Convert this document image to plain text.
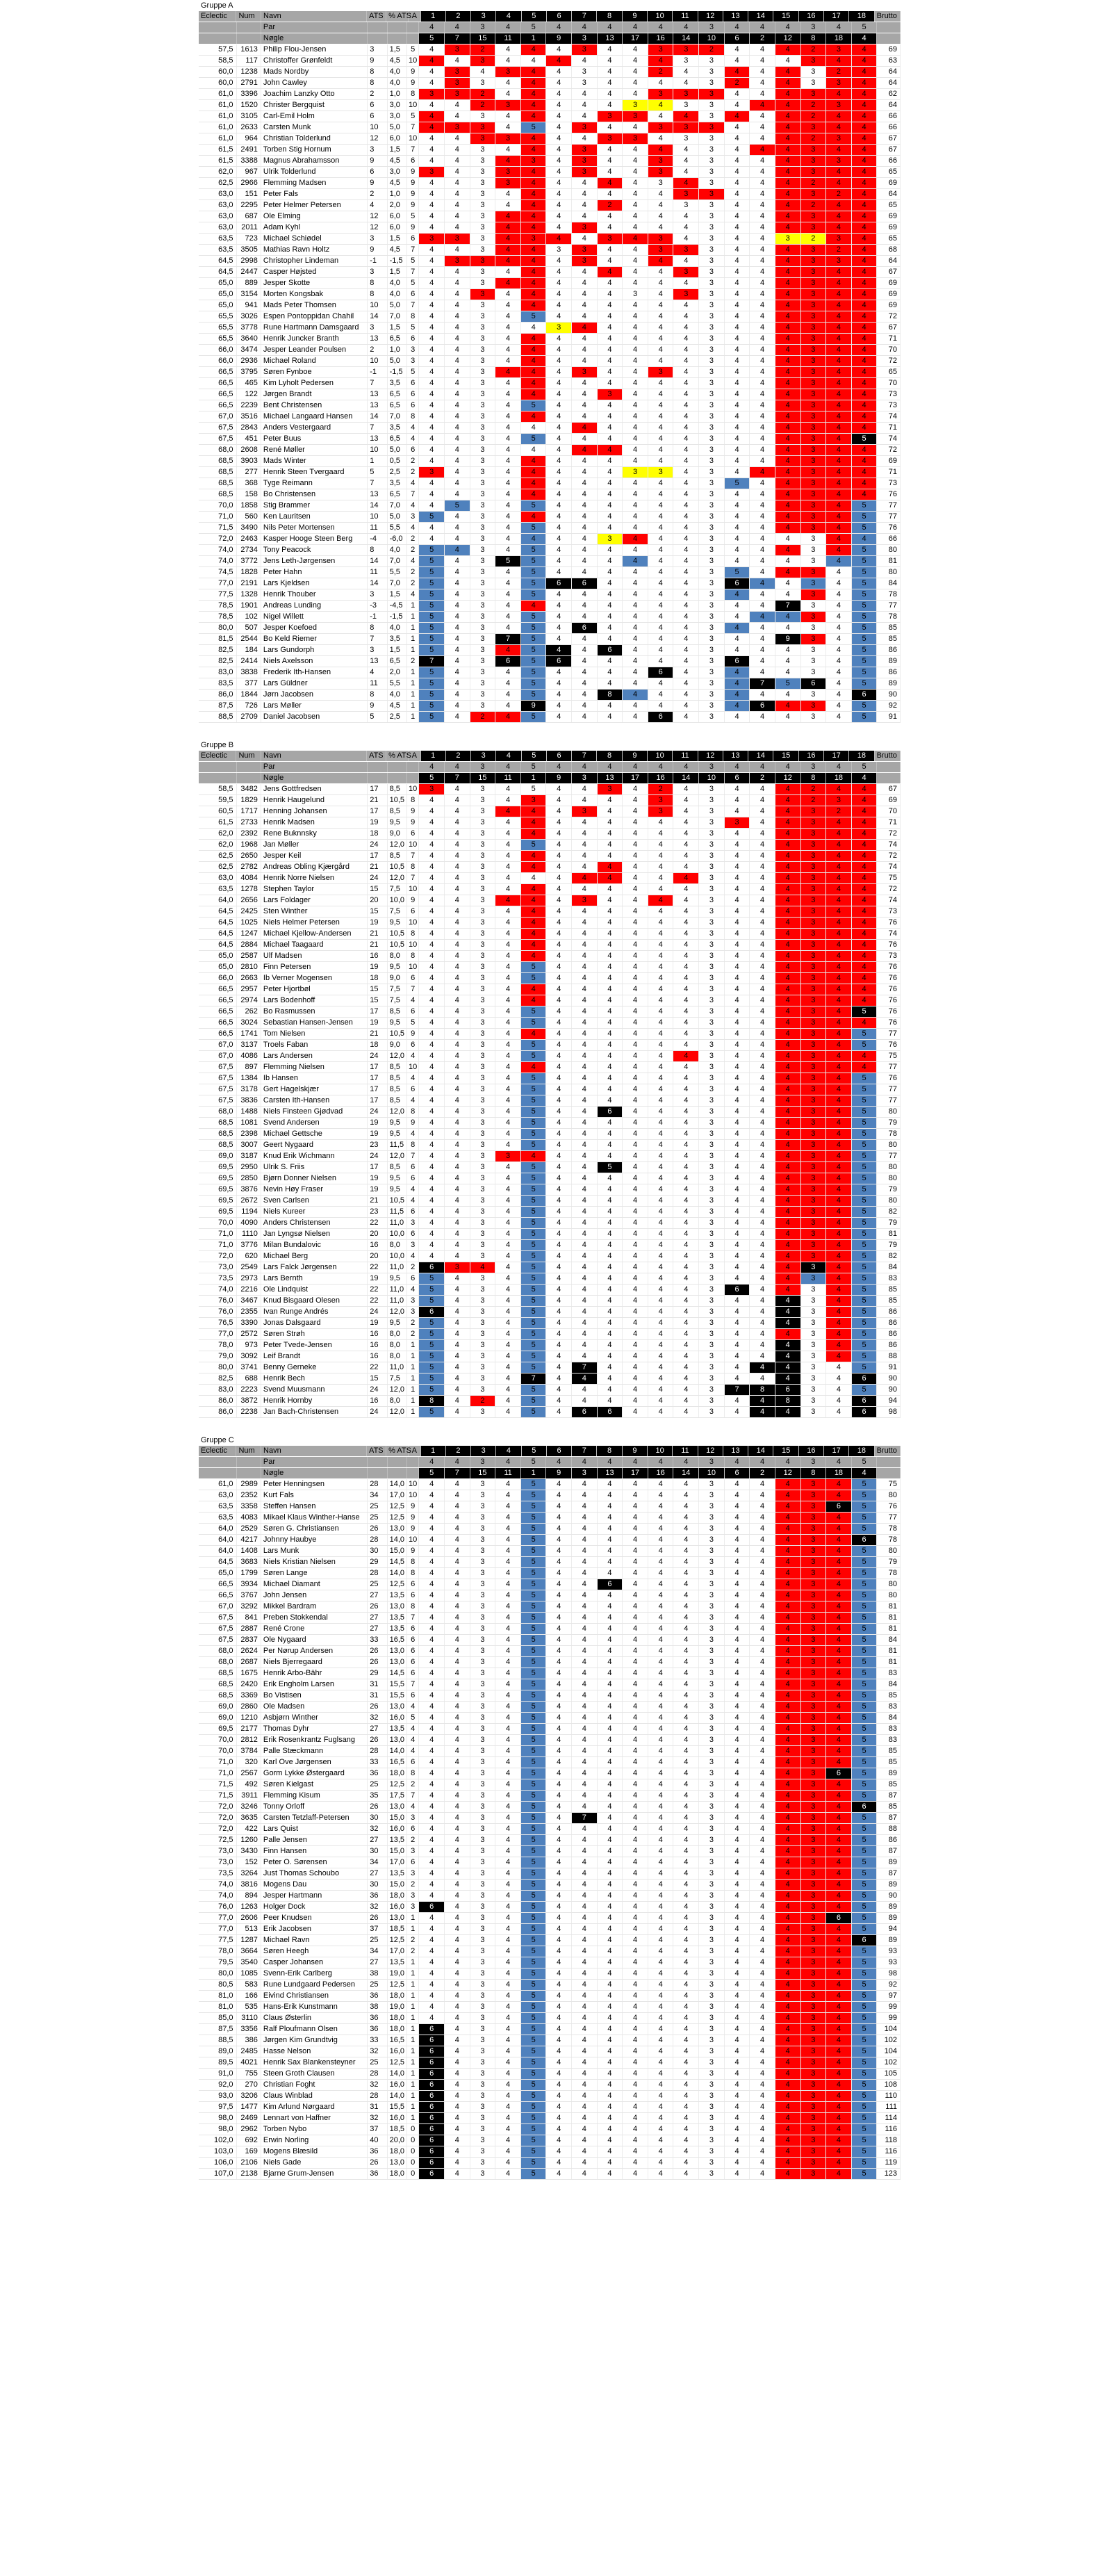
Gruppe A
Eclectic	Num	Navn	ATS % ATS A	1	2	3	4	5	6	7	8	9	10	11	12	13	14	15	16	17	18	Brutto
Par	4	4	3	4	5	4	4	4	4	4	4	3	4	4	4	3	4	5
Nøgle	5	7	15	11	1	9	3	13	17	16	14	10	6	2	12	8	18	4
57,5 1613 Philip Flou-Jensen	3	1,5	5	4	3	2	4	4	4	3	4	4	3	3	2	4	4	4	2	3	4	69
58,5	117 Christoffer Grønfeldt	9	4,5	10	4	4	3	4	4	4	4	4	4	4	3	3	4	4	4	3	4	4	63
60,0 1238 Mads Nordby	8	4,0	9	4	3	4	3	4	4	3	4	4	2	4	3	4	4	4	3	2	4	64
60,0 2791 John Cawley	8	4,0	9	4	3	3	4	4	4	3	4	4	4	4	3	2	4	4	3	3	4	64
61,0 3396 Joachim Lanzky Otto	2	1,0	8	3	3	2	4	4	4	4	4	4	3	3	3	4	4	4	3	4	4	62
61,0 1520 Christer Bergquist	6	3,0	10	4	4	2	3	4	4	4	4	3	4	3	3	4	4	4	2	3	4	64
61,0 3105 Carl-Emil Holm	6	3,0	5	4	4	3	4	4	4	4	3	3	4	4	3	4	4	4	2	4	4	66
61,0 2633 Carsten Munk	10	5,0	7	4	3	3	4	5	4	3	4	4	3	3	3	4	4	4	3	4	4	66
61,0	964 Christian Tolderlund	12	6,0	10	4	4	3	3	4	4	4	3	3	4	3	3	4	4	4	2	3	4	67
61,5 2491 Torben Stig Hornum	3	1,5	7	4	4	3	4	4	4	3	4	4	4	4	3	4	4	4	3	4	4	67
61,5 3388 Magnus Abrahamsson	9	4,5	6	4	4	3	4	3	4	3	4	4	3	4	3	4	4	4	3	3	4	66
62,0	967 Ulrik Tolderlund	6	3,0	9	3	4	3	3	4	4	3	4	4	3	4	3	4	4	4	3	4	4	65
62,5 2966 Flemming Madsen	9	4,5	9	4	4	3	3	4	4	4	4	4	3	4	3	4	4	4	2	4	4	69
63,0	151 Peter Fals	2	1,0	9	4	4	3	4	4	4	4	4	4	4	3	3	4	4	4	3	2	4	64
63,0 2295 Peter Helmer Petersen	4	2,0	9	4	4	3	4	4	4	4	2	4	4	3	3	4	4	4	2	4	4	65
63,0	687 Ole Elming	12	6,0	5	4	4	3	4	4	4	4	4	4	4	4	3	4	4	4	3	4	4	69
63,0	2011 Adam Kyhl	12	6,0	9	4	4	3	4	4	4	3	4	4	4	4	3	4	4	4	3	4	4	69
63,5	723 Michael Schiødel	3	1,5	6	3	3	3	4	3	4	4	3	4	3	4	3	4	4	3	2	3	4	65
63,5 3505 Mathias Ravn Holtz	9	4,5	7	4	4	3	4	4	3	3	4	4	3	3	3	4	4	4	3	2	4	68
64,5 2998 Christopher Lindeman	-1	-1,5	5	4	3	3	4	4	4	3	4	4	4	4	3	4	4	4	3	3	4	64
64,5 2447 Casper Højsted	3	1,5	7	4	4	3	4	4	4	4	4	4	4	3	3	4	4	4	3	4	4	67
65,0	889 Jesper Skotte	8	4,0	5	4	4	3	4	4	4	4	4	4	4	4	3	4	4	4	3	4	4	69
65,0 3154 Morten Kongsbak	8	4,0	6	4	4	3	4	4	4	4	4	3	4	3	3	4	4	4	3	4	4	69
65,0	941 Mads Peter Thomsen	10	5,0	7	4	4	3	4	4	4	4	4	4	4	4	3	4	4	4	3	4	4	69
65,5 3026 Espen Pontoppidan Chahil	14	7,0	8	4	4	3	4	5	4	4	4	4	4	4	3	4	4	4	3	4	4	72
65,5 3778 Rune Hartmann Damsgaard	3	1,5	5	4	4	3	4	4	3	4	4	4	4	4	3	4	4	4	3	4	4	67
65,5 3640 Henrik Juncker Branth	13	6,5	6	4	4	3	4	4	4	4	4	4	4	4	3	4	4	4	3	4	4	71
66,0 3474 Jesper Leander Poulsen	2	1,0	3	4	4	3	4	4	4	4	4	4	4	4	3	4	4	4	3	4	4	70
66,0 2936 Michael Roland	10	5,0	3	4	4	3	4	4	4	4	4	4	4	4	3	4	4	4	3	4	4	72
66,5 3795 Søren Fynboe	-1	-1,5	5	4	4	3	4	4	4	3	4	4	3	4	3	4	4	4	3	4	4	65
66,5	465 Kim Lyholt Pedersen	7	3,5	6	4	4	3	4	4	4	4	4	4	4	4	3	4	4	4	3	4	4	70
66,5	122 Jørgen Brandt	13	6,5	6	4	4	3	4	4	4	4	3	4	4	4	3	4	4	4	3	4	4	73
66,5 2239 Bent Christensen	13	6,5	6	4	4	3	4	5	4	4	4	4	4	4	3	4	4	4	3	4	4	73
67,0 3516 Michael Langaard Hansen	14	7,0	8	4	4	3	4	4	4	4	4	4	4	4	3	4	4	4	3	4	4	74
67,5 2843 Anders Vestergaard	7	3,5	4	4	4	3	4	4	4	4	4	4	4	4	3	4	4	4	3	4	4	71
67,5	451 Peter Buus	13	6,5	4	4	4	3	4	5	4	4	4	4	4	4	3	4	4	4	3	4	5	74
68,0 2608 René Møller	10	5,0	6	4	4	3	4	4	4	4	4	4	4	4	3	4	4	4	3	4	4	72
68,5 3903 Mads Winter	1	0,5	2	4	4	3	4	4	4	4	4	4	4	4	3	4	4	4	3	4	4	69
68,5	277 Henrik Steen Tvergaard	5	2,5	2	3	4	3	4	4	4	4	4	3	3	4	3	4	4	4	3	4	4	71
68,5	368 Tyge Reimann	7	3,5	4	4	4	3	4	4	4	4	4	4	4	4	3	5	4	4	3	4	4	73
68,5	158 Bo Christensen	13	6,5	7	4	4	3	4	4	4	4	4	4	4	4	3	4	4	4	3	4	4	76
70,0 1858 Stig Brammer	14	7,0	4	4	5	3	4	5	4	4	4	4	4	4	3	4	4	4	3	4	5	77
71,0	560 Ken Lauritsen	10	5,0	3	5	4	3	4	4	4	4	4	4	4	4	3	4	4	4	3	4	5	77
71,5 3490 Nils Peter Mortensen	11	5,5	4	4	4	3	4	5	4	4	4	4	4	4	3	4	4	4	3	4	5	76
72,0 2463 Kasper Hooge Steen Berg	-4	-6,0	2	4	4	3	4	4	4	4	3	4	4	4	3	4	4	4	3	4	4	66
74,0 2734 Tony Peacock	8	4,0	2	5	4	3	4	5	4	4	4	4	4	4	3	4	4	4	3	4	5	80
74,0 3772 Jens Leth-Jørgensen	14	7,0	4	5	4	3	5	5	4	4	4	4	4	4	3	4	4	4	3	4	5	81
74,5 1828 Peter Hahn	11	5,5	2	5	4	3	4	5	4	4	4	4	4	4	3	5	4	4	3	4	5	80
77,0 2191 Lars Kjeldsen	14	7,0	2	5	4	3	4	5	6	6	4	4	4	4	3	6	4	4	3	4	5	84
77,5 1328 Henrik Thouber	3	1,5	4	5	4	3	4	5	4	4	4	4	4	4	3	4	4	4	3	4	5	78
78,5 1901 Andreas Lunding	-3	-4,5	1	5	4	3	4	4	4	4	4	4	4	4	3	4	4	7	3	4	5	77
78,5	102 Nigel Willett	-1	-1,5	1	5	4	3	4	5	4	4	4	4	4	4	3	4	4	4	3	4	5	78
80,0	507 Jesper Koefoed	8	4,0	1	5	4	3	4	5	4	6	4	4	4	4	3	4	4	4	3	4	5	85
81,5 2544 Bo Keld Riemer	7	3,5	1	5	4	3	7	5	4	4	4	4	4	4	3	4	4	9	3	4	5	85
82,5	184 Lars Gundorph	3	1,5	1	5	4	3	4	5	4	4	6	4	4	4	3	4	4	4	3	4	5	86
82,5 2414 Niels Axelsson	13	6,5	2	7	4	3	6	5	6	4	4	4	4	4	3	6	4	4	3	4	5	89
83,0 3838 Frederik Ith-Hansen	4	2,0	1	5	4	3	4	5	4	4	4	4	6	4	3	4	4	4	3	4	5	86
83,5	377 Lars Güldner	11	5,5	1	5	4	3	4	5	4	4	4	4	4	4	3	4	7	5	6	4	5	89
86,0 1844 Jørn Jacobsen	8	4,0	1	5	4	3	4	5	4	4	8	4	4	4	3	4	4	4	3	4	6	90
87,5	726 Lars Møller	9	4,5	1	5	4	3	4	9	4	4	4	4	4	4	3	4	6	4	3	4	5	92
88,5 2709 Daniel Jacobsen	5	2,5	1	5	4	2	4	5	4	4	4	4	6	4	3	4	4	4	3	4	5	91
Gruppe B
Eclectic	Num	Navn	ATS % ATS A	1	2	3	4	5	6	7	8	9	10	11	12	13	14	15	16	17	18	Brutto
Par	4	4	3	4	5	4	4	4	4	4	4	3	4	4	4	3	4	5
Nøgle	5	7	15	11	1	9	3	13	17	16	14	10	6	2	12	8	18	4
58,5 3482 Jens Gottfredsen	17	8,5	10	3	4	3	4	5	4	4	3	4	2	4	3	4	4	4	2	4	4	67
59,5 1829 Henrik Haugelund	21	10,5 8	4	4	3	4	3	4	4	4	4	3	4	3	4	4	4	2	3	4	69
60,5 1717 Henning Johansen	17	8,5	9	4	4	3	4	4	4	3	4	4	3	4	3	4	4	4	3	2	4	70
61,5 2733 Henrik Madsen	19	9,5	9	4	4	3	4	4	4	4	4	4	4	4	3	3	4	4	3	4	4	71
62,0 2392 Rene Buknnsky	18	9,0	6	4	4	3	4	4	4	4	4	4	4	4	3	4	4	4	3	4	4	72
62,0 1968 Jan Møller	24	12,0 10	4	4	3	4	5	4	4	4	4	4	4	3	4	4	4	3	4	4	74
62,5 2650 Jesper Keil	17	8,5	7	4	4	3	4	4	4	4	4	4	4	4	3	4	4	4	3	4	4	72
62,5 2782 Andreas Obling Kjærgård	21	10,5 8	4	4	3	4	4	4	4	4	4	4	4	3	4	4	4	3	4	4	74
63,0 4084 Henrik Norre Nielsen	24	12,0 7	4	4	3	4	4	4	4	4	4	4	4	3	4	4	4	3	4	4	75
63,5 1278 Stephen Taylor	15	7,5	10	4	4	3	4	4	4	4	4	4	4	4	3	4	4	4	3	4	4	72
64,0 2656 Lars Foldager	20	10,0 9	4	4	3	4	4	4	3	4	4	4	4	3	4	4	4	3	4	4	74
64,5 2425 Sten Winther	15	7,5	6	4	4	3	4	4	4	4	4	4	4	4	3	4	4	4	3	4	4	73
64,5 1025 Niels Helmer Petersen	19	9,5	10	4	4	3	4	4	4	4	4	4	4	4	3	4	4	4	3	4	4	76
64,5 1247 Michael Kjellow-Andersen	21	10,5 8	4	4	3	4	4	4	4	4	4	4	4	3	4	4	4	3	4	4	74
64,5 2884 Michael Taagaard	21	10,5 10	4	4	3	4	4	4	4	4	4	4	4	3	4	4	4	3	4	4	76
65,0 2587 Ulf Madsen	16	8,0	8	4	4	3	4	4	4	4	4	4	4	4	3	4	4	4	3	4	4	73
65,0 2810 Finn Petersen	19	9,5	10	4	4	3	4	5	4	4	4	4	4	4	3	4	4	4	3	4	4	76
66,0 2663 Ib Verner Mogensen	18	9,0	6	4	4	3	4	5	4	4	4	4	4	4	3	4	4	4	3	4	4	76
66,5 2957 Peter Hjortbøl	15	7,5	7	4	4	3	4	4	4	4	4	4	4	4	3	4	4	4	3	4	4	76
66,5 2974 Lars Bodenhoff	15	7,5	4	4	4	3	4	4	4	4	4	4	4	4	3	4	4	4	3	4	4	76
66,5	262 Bo Rasmussen	17	8,5	6	4	4	3	4	5	4	4	4	4	4	4	3	4	4	4	3	4	5	76
66,5 3024 Sebastian Hansen-Jensen	19	9,5	5	4	4	3	4	5	4	4	4	4	4	4	3	4	4	4	3	4	4	76
66,5 1741 Tom Nielsen	21	10,5 9	4	4	3	4	4	4	4	4	4	4	4	3	4	4	4	3	4	5	77
67,0 3137 Troels Faban	18	9,0	6	4	4	3	4	5	4	4	4	4	4	4	3	4	4	4	3	4	5	76
67,0 4086 Lars Andersen	24	12,0 4	4	4	3	4	5	4	4	4	4	4	4	3	4	4	4	3	4	4	75
67,5	897 Flemming Nielsen	17	8,5	10	4	4	3	4	4	4	4	4	4	4	4	3	4	4	4	3	4	4	77
67,5 1384 Ib Hansen	17	8,5	4	4	4	3	4	5	4	4	4	4	4	4	3	4	4	4	3	4	5	76
67,5 3178 Gert Hagelskjær	17	8,5	6	4	4	3	4	5	4	4	4	4	4	4	3	4	4	4	3	4	5	77
67,5 3836 Carsten Ith-Hansen	17	8,5	4	4	4	3	4	5	4	4	4	4	4	4	3	4	4	4	3	4	5	77
68,0 1488 Niels Finsteen Gjødvad	24	12,0 8	4	4	3	4	5	4	4	6	4	4	4	3	4	4	4	3	4	5	80
68,5 1081 Svend Andersen	19	9,5	9	4	4	3	4	5	4	4	4	4	4	4	3	4	4	4	3	4	5	79
68,5 2398 Michael Gettsche	19	9,5	4	4	4	3	4	5	4	4	4	4	4	4	3	4	4	4	3	4	5	78
68,5 3007 Geert Nygaard	23	11,5 8	4	4	3	4	5	4	4	4	4	4	4	3	4	4	4	3	4	5	80
69,0 3187 Knud Erik Wichmann	24	12,0 7	4	4	3	3	4	4	4	4	4	4	4	3	4	4	4	3	4	5	77
69,5 2950 Ulrik S. Friis	17	8,5	6	4	4	3	4	5	4	4	5	4	4	4	3	4	4	4	3	4	5	80
69,5 2850 Bjørn Donner Nielsen	19	9,5	6	4	4	3	4	5	4	4	4	4	4	4	3	4	4	4	3	4	5	80
69,5 3876 Nevin Høy Fraser	19	9,5	4	4	4	3	4	5	4	4	4	4	4	4	3	4	4	4	3	4	5	79
69,5 2672 Sven Carlsen	21	10,5 4	4	4	3	4	5	4	4	4	4	4	4	3	4	4	4	3	4	5	80
69,5	1194 Niels Kureer	23	11,5 6	4	4	3	4	5	4	4	4	4	4	4	3	4	4	4	3	4	5	82
70,0 4090 Anders Christensen	22	11,0 3	4	4	3	4	5	4	4	4	4	4	4	3	4	4	4	3	4	5	79
71,0	1110 Jan Lyngsø Nielsen	20	10,0 6	4	4	3	4	5	4	4	4	4	4	4	3	4	4	4	3	4	5	81
71,0 3776 Milan Bundalovic	16	8,0	3	4	4	3	4	5	4	4	4	4	4	4	3	4	4	4	3	4	5	79
72,0	620 Michael Berg	20	10,0 4	4	4	3	4	5	4	4	4	4	4	4	3	4	4	4	3	4	5	82
73,0 2549 Lars Falck Jørgensen	22	11,0 2	6	3	4	4	5	4	4	4	4	4	4	3	4	4	4	3	4	5	84
73,5 2973 Lars Bernth	19	9,5	6	5	4	3	4	5	4	4	4	4	4	4	3	4	4	4	3	4	5	83
74,0 2216 Ole Lindquist	22	11,0 4	5	4	3	4	5	4	4	4	4	4	4	3	6	4	4	3	4	5	85
76,0 3467 Knud Bisgaard Olesen	22	11,0 3	5	4	3	4	5	4	4	4	4	4	4	3	4	4	4	3	4	5	85
76,0 2355 Ivan Runge Andrés	24	12,0 3	6	4	3	4	5	4	4	4	4	4	4	3	4	4	4	3	4	5	86
76,5 3390 Jonas Dalsgaard	19	9,5	2	5	4	3	4	5	4	4	4	4	4	4	3	4	4	4	3	4	5	86
77,0 2572 Søren Strøh	16	8,0	2	5	4	3	4	5	4	4	4	4	4	4	3	4	4	4	3	4	5	86
78,0	973 Peter Tvede-Jensen	16	8,0	1	5	4	3	4	5	4	4	4	4	4	4	3	4	4	4	3	4	5	86
79,0 3092 Leif Brandt	16	8,0	1	5	4	3	4	5	4	4	4	4	4	4	3	4	4	4	3	4	5	88
80,0 3741 Benny Gerneke	22	11,0 1	5	4	3	4	5	4	7	4	4	4	4	3	4	4	4	3	4	5	91
82,5	688 Henrik Bech	15	7,5	1	5	4	3	4	7	4	4	4	4	4	4	3	4	4	4	3	4	6	90
83,0 2223 Svend Muusmann	24	12,0 1	5	4	3	4	5	4	4	4	4	4	4	3	7	8	6	3	4	5	90
86,0 3872 Henrik Hornby	16	8,0	1	8	4	2	4	5	4	4	4	4	4	4	3	4	4	8	3	4	6	94
86,0 2238 Jan Bach-Christensen	24	12,0 1	5	4	3	4	5	4	6	6	4	4	4	3	4	4	4	3	4	6	98
Gruppe C
Eclectic	Num	Navn	ATS % ATS A	1	2	3	4	5	6	7	8	9	10	11	12	13	14	15	16	17	18	Brutto
Par	4	4	3	4	5	4	4	4	4	4	4	3	4	4	4	3	4	5
Nøgle	5	7	15	11	1	9	3	13	17	16	14	10	6	2	12	8	18	4
61,0 2989 Peter Henningsen	28	14,0 10	4	4	3	4	5	4	4	4	4	4	4	3	4	4	4	3	4	5	75
63,0 2352 Kurt Fals	34	17,0 10	4	4	3	4	5	4	4	4	4	4	4	3	4	4	4	3	4	5	80
63,5 3358 Steffen Hansen	25	12,5 9	4	4	3	4	5	4	4	4	4	4	4	3	4	4	4	3	6	5	76
63,5 4083 Mikael Klaus Winther-Hanse	25	12,5 9	4	4	3	4	5	4	4	4	4	4	4	3	4	4	4	3	4	5	77
64,0 2529 Søren G. Christiansen	26	13,0 9	4	4	3	4	5	4	4	4	4	4	4	3	4	4	4	3	4	5	78
64,0 4217 Johnny Haubye	28	14,0 10	4	4	3	4	5	4	4	4	4	4	4	3	4	4	4	3	4	6	78
64,0 1408 Lars Munk	30	15,0 9	4	4	3	4	5	4	4	4	4	4	4	3	4	4	4	3	4	5	80
64,5 3683 Niels Kristian Nielsen	29	14,5 8	4	4	3	4	5	4	4	4	4	4	4	3	4	4	4	3	4	5	79
65,0 1799 Søren Lange	28	14,0 8	4	4	3	4	5	4	4	4	4	4	4	3	4	4	4	3	4	5	78
66,5 3934 Michael Diamant	25	12,5 6	4	4	3	4	5	4	4	6	4	4	4	3	4	4	4	3	4	5	80
66,5 3767 John Jensen	27	13,5 6	4	4	3	4	5	4	4	4	4	4	4	3	4	4	4	3	4	5	80
67,0 3292 Mikkel Bardram	26	13,0 8	4	4	3	4	5	4	4	4	4	4	4	3	4	4	4	3	4	5	81
67,5	841 Preben Stokkendal	27	13,5 7	4	4	3	4	5	4	4	4	4	4	4	3	4	4	4	3	4	5	81
67,5 2887 René Crone	27	13,5 6	4	4	3	4	5	4	4	4	4	4	4	3	4	4	4	3	4	5	81
67,5 2837 Ole Nygaard	33	16,5 6	4	4	3	4	5	4	4	4	4	4	4	3	4	4	4	3	4	5	84
68,0 2624 Per Nørup Andersen	26	13,0 6	4	4	3	4	5	4	4	4	4	4	4	3	4	4	4	3	4	5	81
68,0 2687 Niels Bjerregaard	26	13,0 6	4	4	3	4	5	4	4	4	4	4	4	3	4	4	4	3	4	5	81
68,5 1675 Henrik Arbo-Bähr	29	14,5 6	4	4	3	4	5	4	4	4	4	4	4	3	4	4	4	3	4	5	83
68,5 2420 Erik Engholm Larsen	31	15,5 7	4	4	3	4	5	4	4	4	4	4	4	3	4	4	4	3	4	5	84
68,5 3369 Bo Vistisen	31	15,5 6	4	4	3	4	5	4	4	4	4	4	4	3	4	4	4	3	4	5	85
69,0 2860 Ole Madsen	26	13,0 4	4	4	3	4	5	4	4	4	4	4	4	3	4	4	4	3	4	5	83
69,0 1210 Asbjørn Winther	32	16,0 5	4	4	3	4	5	4	4	4	4	4	4	3	4	4	4	3	4	5	84
69,5 2177 Thomas Dyhr	27	13,5 4	4	4	3	4	5	4	4	4	4	4	4	3	4	4	4	3	4	5	83
70,0 2812 Erik Rosenkrantz Fuglsang	26	13,0 4	4	4	3	4	5	4	4	4	4	4	4	3	4	4	4	3	4	5	83
70,0 3784 Palle Stæckmann	28	14,0 4	4	4	3	4	5	4	4	4	4	4	4	3	4	4	4	3	4	5	85
71,0	320 Karl Ove Jørgensen	33	16,5 6	4	4	3	4	5	4	4	4	4	4	4	3	4	4	4	3	4	5	85
71,0 2567 Gorm Lykke Østergaard	36	18,0 8	4	4	3	4	5	4	4	4	4	4	4	3	4	4	4	3	6	5	89
71,5	492 Søren Kielgast	25	12,5 2	4	4	3	4	5	4	4	4	4	4	4	3	4	4	4	3	4	5	85
71,5	3911 Flemming Kisum	35	17,5 7	4	4	3	4	5	4	4	4	4	4	4	3	4	4	4	3	4	5	87
72,0 3246 Tonny Orloff	26	13,0 4	4	4	3	4	5	4	4	4	4	4	4	3	4	4	4	3	4	6	85
72,0 3635 Carsten Tetzlaff-Petersen	30	15,0 3	4	4	3	4	5	4	7	4	4	4	4	3	4	4	4	3	4	5	87
72,0	422 Lars Quist	32	16,0 6	4	4	3	4	5	4	4	4	4	4	4	3	4	4	4	3	4	5	88
72,5 1260 Palle Jensen	27	13,5 2	4	4	3	4	5	4	4	4	4	4	4	3	4	4	4	3	4	5	86
73,0 3430 Finn Hansen	30	15,0 3	4	4	3	4	5	4	4	4	4	4	4	3	4	4	4	3	4	5	87
73,0	152 Peter O. Sørensen	34	17,0 6	4	4	3	4	5	4	4	4	4	4	4	3	4	4	4	3	4	5	89
73,5 3264 Just Thomas Schoubo	27	13,5 3	4	4	3	4	5	4	4	4	4	4	4	3	4	4	4	3	4	5	87
74,0 3816 Mogens Dau	30	15,0 2	4	4	3	4	5	4	4	4	4	4	4	3	4	4	4	3	4	5	89
74,0	894 Jesper Hartmann	36	18,0 3	4	4	3	4	5	4	4	4	4	4	4	3	4	4	4	3	4	5	90
76,0 1263 Holger Dock	32	16,0 3	6	4	3	4	5	4	4	4	4	4	4	3	4	4	4	3	4	5	89
77,0 2606 Peer Knudsen	26	13,0 1	4	4	3	4	5	4	4	4	4	4	4	3	4	4	4	3	6	5	89
77,0	513 Erik Jacobsen	37	18,5 1	4	4	3	4	5	4	4	4	4	4	4	3	4	4	4	3	4	5	94
77,5 1287 Michael Ravn	25	12,5 2	4	4	3	4	5	4	4	4	4	4	4	3	4	4	4	3	4	6	89
78,0 3664 Søren Heegh	34	17,0 2	4	4	3	4	5	4	4	4	4	4	4	3	4	4	4	3	4	5	93
79,5 3540 Casper Johansen	27	13,5 1	4	4	3	4	5	4	4	4	4	4	4	3	4	4	4	3	4	5	93
80,0 1085 Svenn-Erik Carlberg	38	19,0 1	4	4	3	4	5	4	4	4	4	4	4	3	4	4	4	3	4	5	98
80,5	583 Rune Lundgaard Pedersen	25	12,5 1	4	4	3	4	5	4	4	4	4	4	4	3	4	4	4	3	4	5	92
81,0	166 Eivind Christiansen	36	18,0 1	4	4	3	4	5	4	4	4	4	4	4	3	4	4	4	3	4	5	97
81,0	535 Hans-Erik Kunstmann	38	19,0 1	4	4	3	4	5	4	4	4	4	4	4	3	4	4	4	3	4	5	99
85,0	3110 Claus Østerlin	36	18,0 1	4	4	3	4	5	4	4	4	4	4	4	3	4	4	4	3	4	5	99
87,5 3356 Ralf Ploufmann Olsen	36	18,0 1	6	4	3	4	5	4	4	4	4	4	4	3	4	4	4	3	4	5	104
88,5	386 Jørgen Kim Grundtvig	33	16,5 1	6	4	3	4	5	4	4	4	4	4	4	3	4	4	4	3	4	5	102
89,0 2485 Hasse Nelson	32	16,0 1	6	4	3	4	5	4	4	4	4	4	4	3	4	4	4	3	4	5	104
89,5 4021 Henrik Sax Blankensteyner	25	12,5 1	6	4	3	4	5	4	4	4	4	4	4	3	4	4	4	3	4	5	102
91,0	755 Steen Groth Clausen	28	14,0 1	6	4	3	4	5	4	4	4	4	4	4	3	4	4	4	3	4	5	105
92,0	270 Christian Foght	32	16,0 1	6	4	3	4	5	4	4	4	4	4	4	3	4	4	4	3	4	5	108
93,0 3206 Claus Winblad	28	14,0 1	6	4	3	4	5	4	4	4	4	4	4	3	4	4	4	3	4	5	110
97,5 1477 Kim Arlund Nørgaard	31	15,5 1	6	4	3	4	5	4	4	4	4	4	4	3	4	4	4	3	4	5	111
98,0 2469 Lennart von Haffner	32	16,0 1	6	4	3	4	5	4	4	4	4	4	4	3	4	4	4	3	4	5	114
98,0 2962 Torben Nybo	37	18,5 0	6	4	3	4	5	4	4	4	4	4	4	3	4	4	4	3	4	5	116
102,0	692 Erwin Norling	40	20,0 0	6	4	3	4	5	4	4	4	4	4	4	3	4	4	4	3	4	5	118
103,0	169 Mogens Blæsild	36	18,0 0	6	4	3	4	5	4	4	4	4	4	4	3	4	4	4	3	4	5	116
106,0 2106 Niels Gade	26	13,0 0	6	4	3	4	5	4	4	4	4	4	4	3	4	4	4	3	4	5	119
107,0 2138 Bjarne Grum-Jensen	36	18,0 0	6	4	3	4	5	4	4	4	4	4	4	3	4	4	4	3	4	5	123
